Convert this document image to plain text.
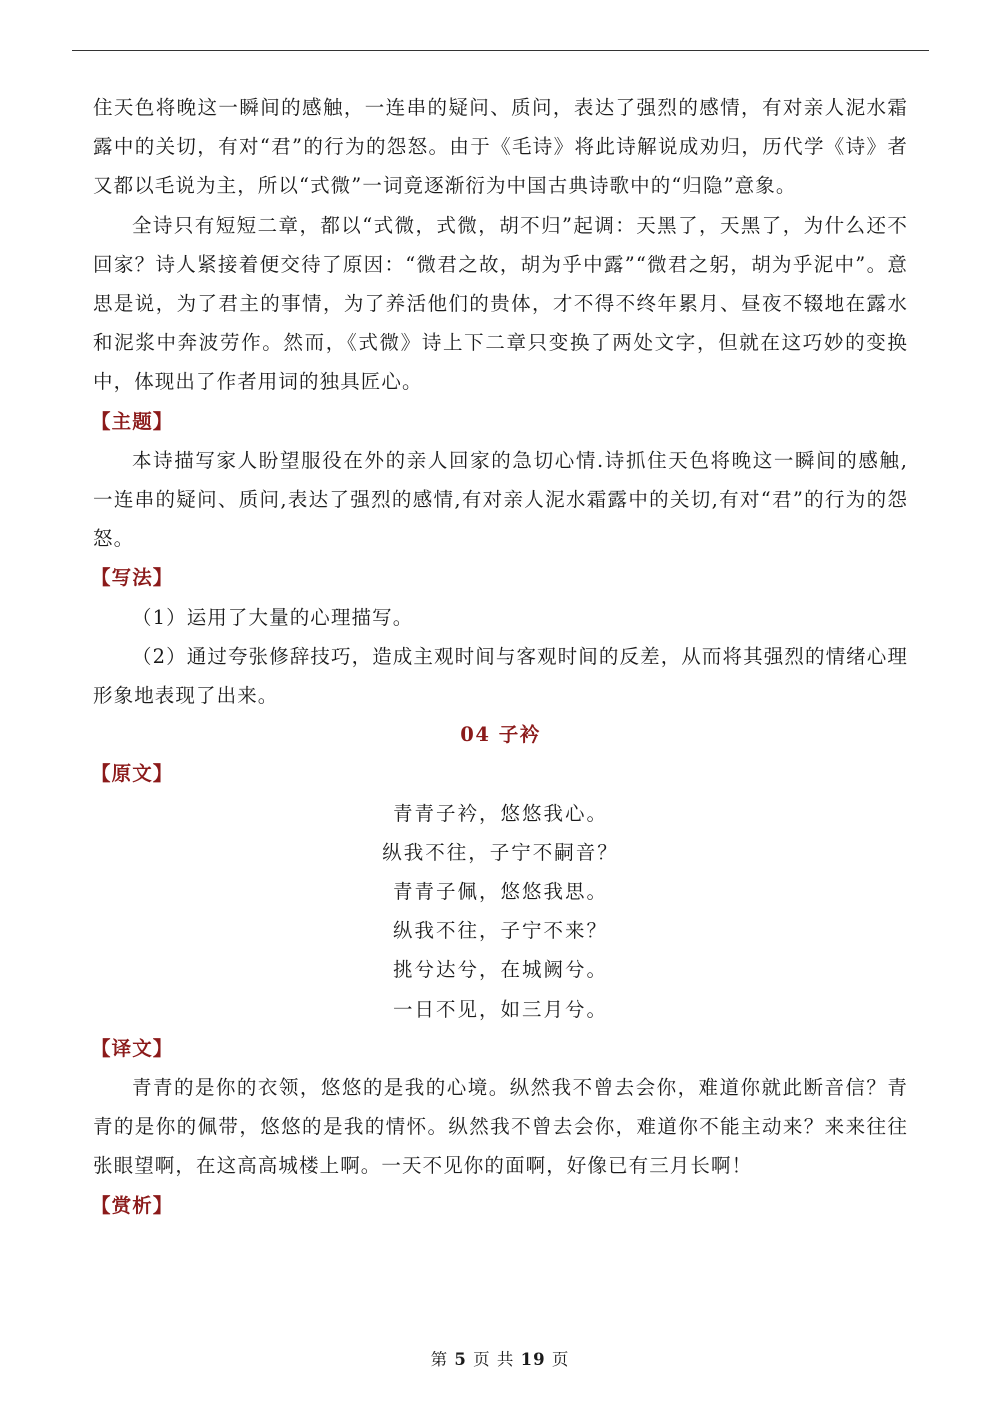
住天色将晚这一瞬间的感触，一连串的疑问、质问，表达了强烈的感情，有对亲人泥水霜露中的关切，有对“君”的行为的怨怒。由于《毛诗》将此诗解说成劝归，历代学《诗》者又都以毛说为主，所以“式微”一词竟逐渐衍为中国古典诗歌中的“归隐”意象。

全诗只有短短二章，都以“式微，式微，胡不归”起调：天黑了，天黑了，为什么还不回家？诗人紧接着便交待了原因：“微君之故，胡为乎中露”“微君之躬，胡为乎泥中”。意思是说，为了君主的事情，为了养活他们的贵体，才不得不终年累月、昼夜不辍地在露水和泥浆中奔波劳作。然而，《式微》诗上下二章只变换了两处文字，但就在这巧妙的变换中，体现出了作者用词的独具匠心。

【主题】

本诗描写家人盼望服役在外的亲人回家的急切心情.诗抓住天色将晚这一瞬间的感触,一连串的疑问、质问,表达了强烈的感情,有对亲人泥水霜露中的关切,有对“君”的行为的怨怒。

【写法】

（1）运用了大量的心理描写。

（2）通过夸张修辞技巧，造成主观时间与客观时间的反差，从而将其强烈的情绪心理形象地表现了出来。

04 子衿
【原文】
青青子衿，悠悠我心。
纵我不往，子宁不嗣音？
青青子佩，悠悠我思。
纵我不往，子宁不来？
挑兮达兮，在城阙兮。
一日不见，如三月兮。
【译文】

青青的是你的衣领，悠悠的是我的心境。纵然我不曾去会你，难道你就此断音信？青青的是你的佩带，悠悠的是我的情怀。纵然我不曾去会你，难道你不能主动来？来来往往张眼望啊，在这高高城楼上啊。一天不见你的面啊，好像已有三月长啊！

【赏析】
第 5 页 共 19 页
